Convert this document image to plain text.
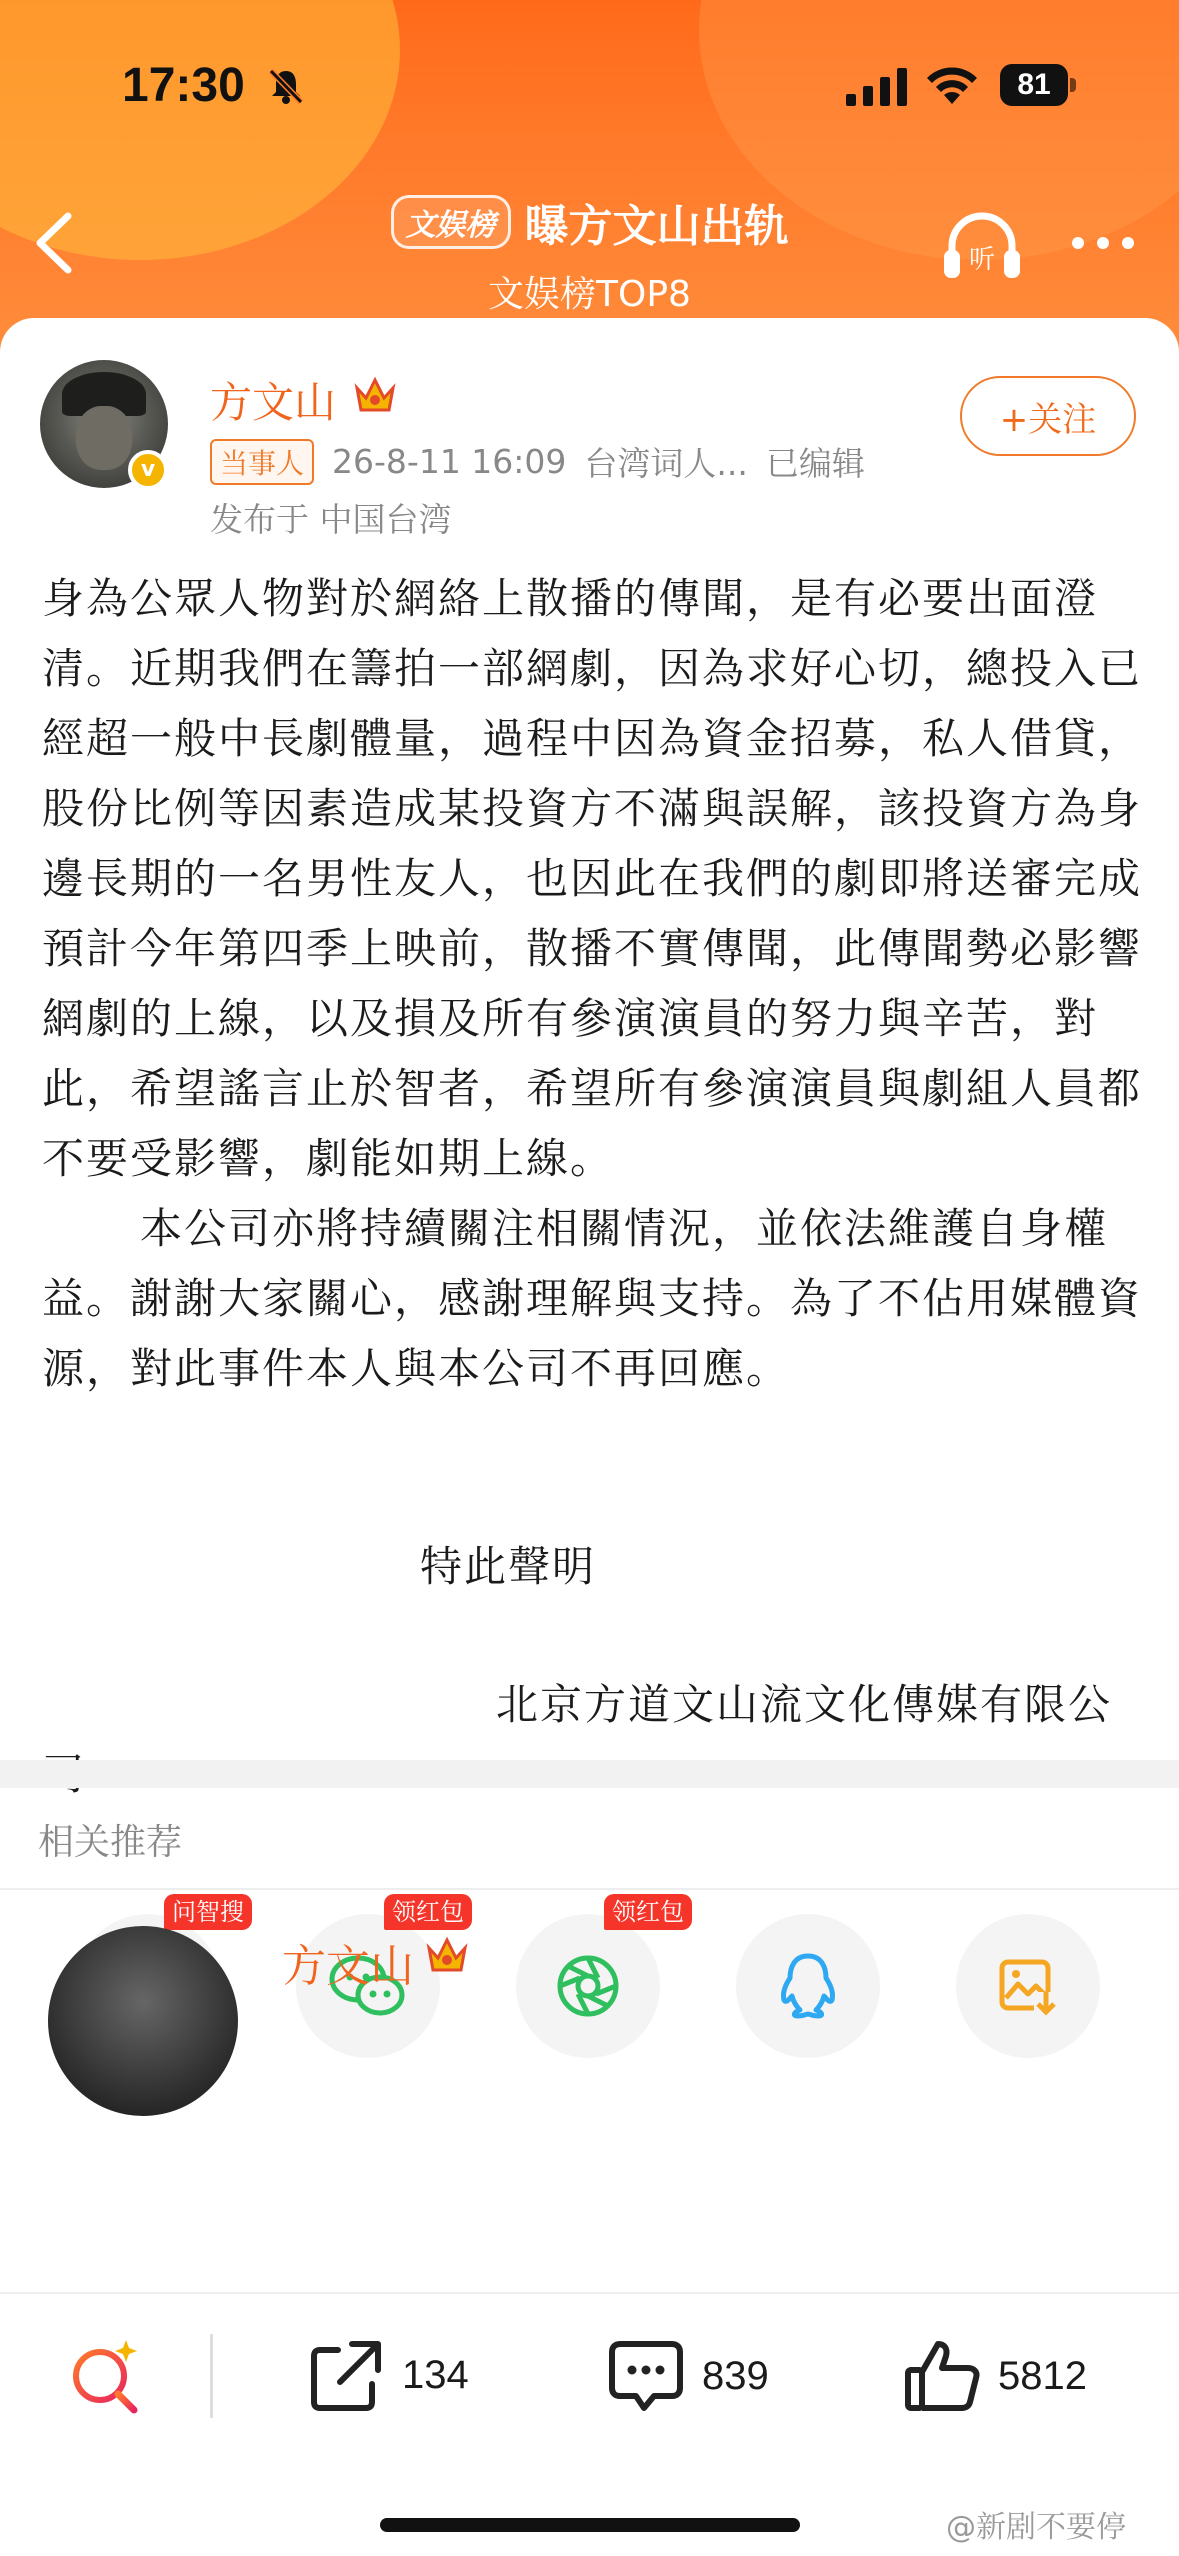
17:30	81
文娱榜 曝方文山出轨
文娱榜TOP8
听
v
方文山
当事人 26-8-11 16:09 台湾词人... 已编辑
发布于 中国台湾
+关注

身為公眾人物對於網絡上散播的傳聞，是有必要出面澄清。近期我們在籌拍一部網劇，因為求好心切，總投入已經超一般中長劇體量，過程中因為資金招募，私人借貸，股份比例等因素造成某投資方不滿與誤解，該投資方為身邊長期的一名男性友人，也因此在我們的劇即將送審完成預計今年第四季上映前，散播不實傳聞，此傳聞勢必影響網劇的上線，以及損及所有參演演員的努力與辛苦，對此，希望謠言止於智者，希望所有參演演員與劇組人員都不要受影響，劇能如期上線。

本公司亦將持續關注相關情況，並依法維護自身權益。謝謝大家關心，感謝理解與支持。為了不佔用媒體資源，對此事件本人與本公司不再回應。

特此聲明
北京方道文山流文化傳媒有限公
问智搜	领红包	领红包
相关推荐
方文山
134	839	5812
@新剧不要停
